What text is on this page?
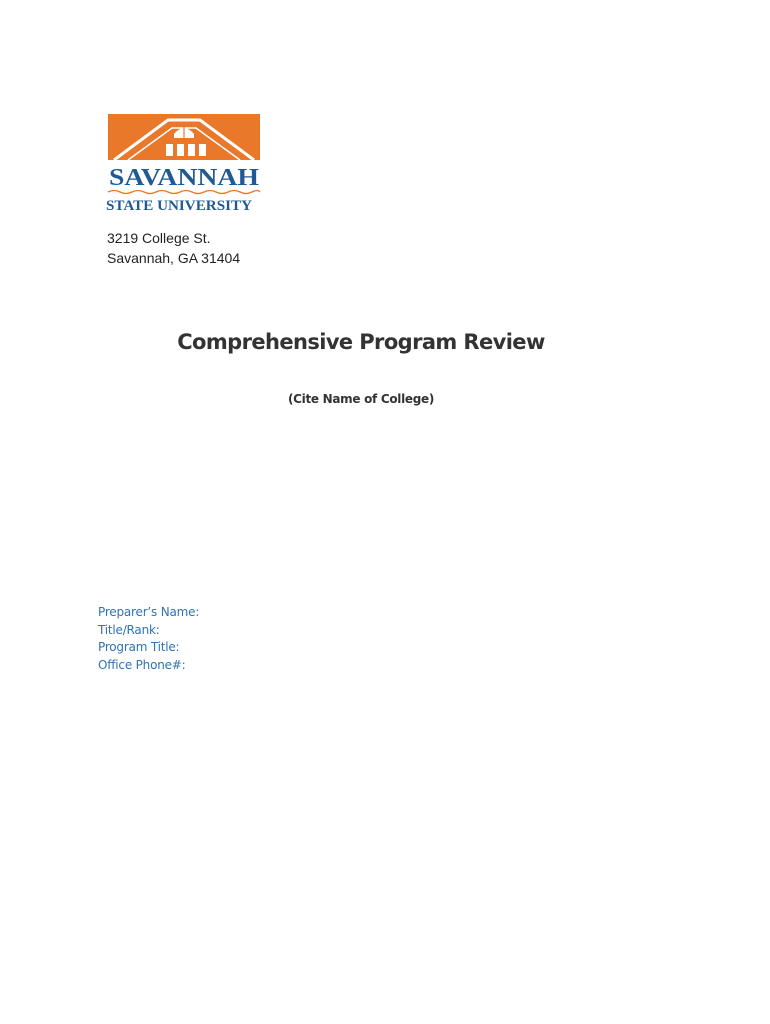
SAVANNAH
STATE UNIVERSITY
3219 College St.
Savannah, GA 31404
Comprehensive Program Review
(Cite Name of College)
Preparer’s Name:
Title/Rank:
Program Title:
Office Phone#:
